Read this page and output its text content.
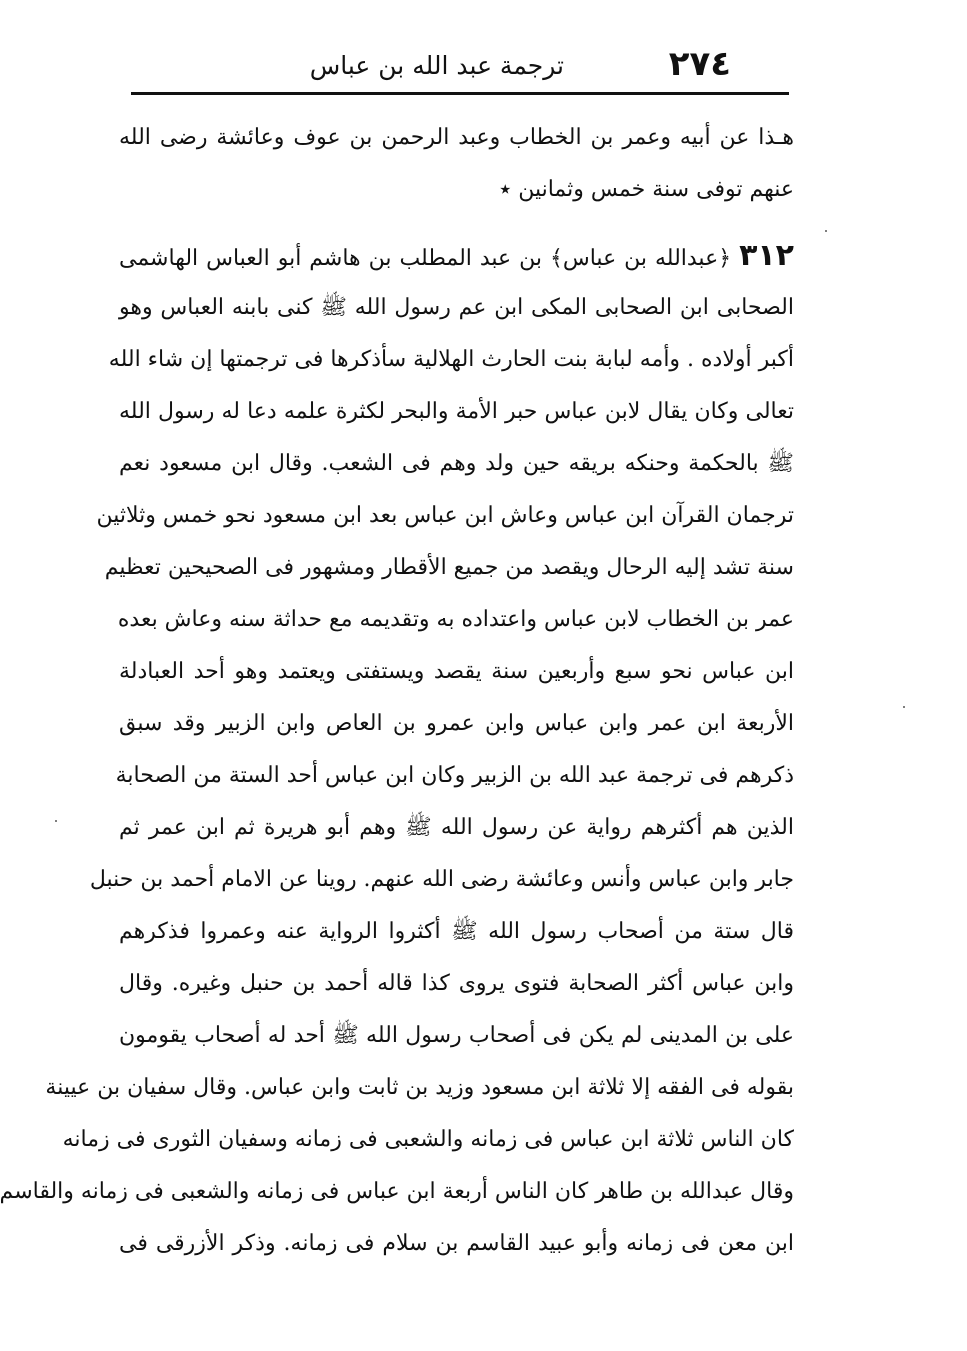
٢٧٤
ترجمة عبد الله بن عباس
هـذا عن أبيه وعمر بن الخطاب وعبد الرحمن بن عوف وعائشة رضى الله
عنهم توفى سنة خمس وثمانين ٭
٣١٢ ﴿عبدالله بن عباس﴾ بن عبد المطلب بن هاشم أبو العباس الهاشمى
الصحابى ابن الصحابى المكى ابن عم رسول الله ﷺ كنى بابنه العباس وهو
أكبر أولاده . وأمه لبابة بنت الحارث الهلالية سأذكرها فى ترجمتها إن شاء الله
تعالى وكان يقال لابن عباس حبر الأمة والبحر لكثرة علمه دعا له رسول الله
ﷺ بالحكمة وحنكه بريقه حين ولد وهم فى الشعب. وقال ابن مسعود نعم
ترجمان القرآن ابن عباس وعاش ابن عباس بعد ابن مسعود نحو خمس وثلاثين
سنة تشد إليه الرحال ويقصد من جميع الأقطار ومشهور فى الصحيحين تعظيم
عمر بن الخطاب لابن عباس واعتداده به وتقديمه مع حداثة سنه وعاش بعده
ابن عباس نحو سبع وأربعين سنة يقصد ويستفتى ويعتمد وهو أحد العبادلة
الأربعة ابن عمر وابن عباس وابن عمرو بن العاص وابن الزبير وقد سبق
ذكرهم فى ترجمة عبد الله بن الزبير وكان ابن عباس أحد الستة من الصحابة
الذين هم أكثرهم رواية عن رسول الله ﷺ وهم أبو هريرة ثم ابن عمر ثم
جابر وابن عباس وأنس وعائشة رضى الله عنهم. روينا عن الامام أحمد بن حنبل
قال ستة من أصحاب رسول الله ﷺ أكثروا الرواية عنه وعمروا فذكرهم
وابن عباس أكثر الصحابة فتوى يروى كذا قاله أحمد بن حنبل وغيره. وقال
على بن المدينى لم يكن فى أصحاب رسول الله ﷺ أحد له أصحاب يقومون
بقوله فى الفقه إلا ثلاثة ابن مسعود وزيد بن ثابت وابن عباس. وقال سفيان بن عيينة
كان الناس ثلاثة ابن عباس فى زمانه والشعبى فى زمانه وسفيان الثورى فى زمانه
وقال عبدالله بن طاهر كان الناس أربعة ابن عباس فى زمانه والشعبى فى زمانه والقاسم
ابن معن فى زمانه وأبو عبيد القاسم بن سلام فى زمانه. وذكر الأزرقى فى
